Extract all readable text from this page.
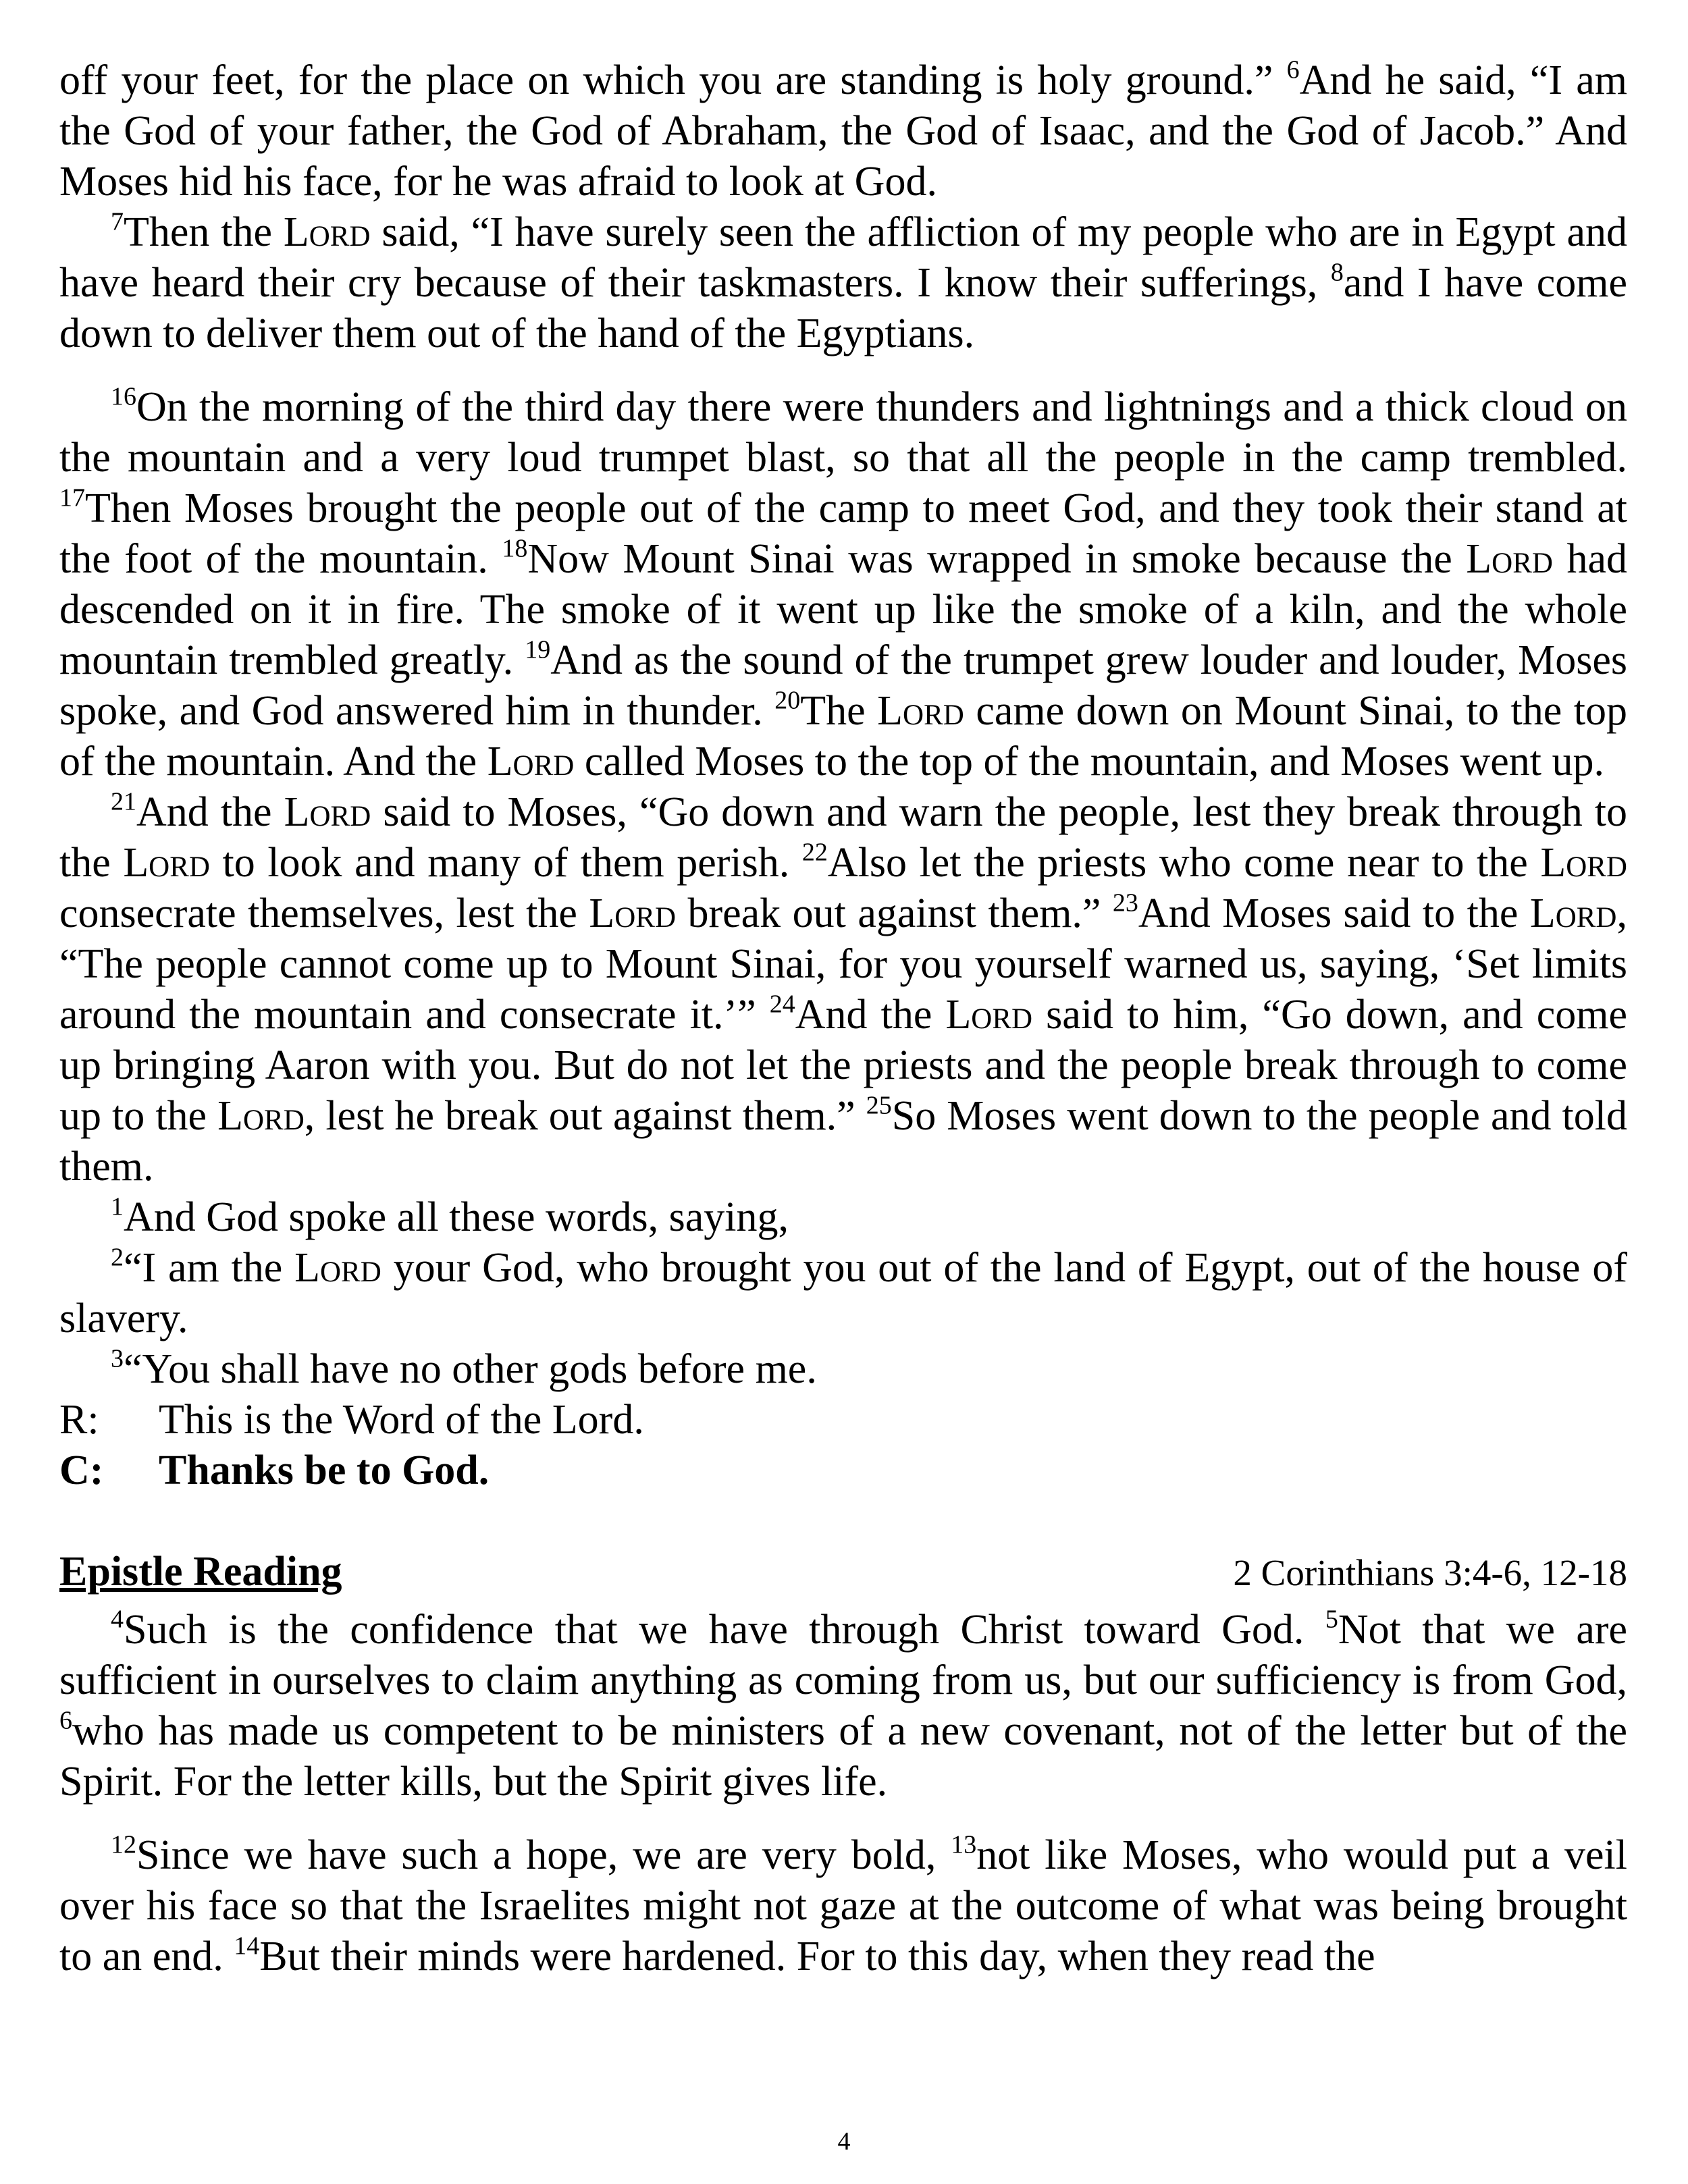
off your feet, for the place on which you are standing is holy ground.” $^6$And he said, “I am the God of your father, the God of Abraham, the God of Isaac, and the God of Jacob.” And Moses hid his face, for he was afraid to look at God.

$^7$Then the Lord said, “I have surely seen the affliction of my people who are in Egypt and have heard their cry because of their taskmasters. I know their sufferings, $^8$and I have come down to deliver them out of the hand of the Egyptians.

$^{16}$On the morning of the third day there were thunders and lightnings and a thick cloud on the mountain and a very loud trumpet blast, so that all the people in the camp trembled. $^{17}$Then Moses brought the people out of the camp to meet God, and they took their stand at the foot of the mountain. $^{18}$Now Mount Sinai was wrapped in smoke because the Lord had descended on it in fire. The smoke of it went up like the smoke of a kiln, and the whole mountain trembled greatly. $^{19}$And as the sound of the trumpet grew louder and louder, Moses spoke, and God answered him in thunder. $^{20}$The Lord came down on Mount Sinai, to the top of the mountain. And the Lord called Moses to the top of the mountain, and Moses went up.

$^{21}$And the Lord said to Moses, “Go down and warn the people, lest they break through to the Lord to look and many of them perish. $^{22}$Also let the priests who come near to the Lord consecrate themselves, lest the Lord break out against them.” $^{23}$And Moses said to the Lord, “The people cannot come up to Mount Sinai, for you yourself warned us, saying, ‘Set limits around the mountain and consecrate it.’” $^{24}$And the Lord said to him, “Go down, and come up bringing Aaron with you. But do not let the priests and the people break through to come up to the Lord, lest he break out against them.” $^{25}$So Moses went down to the people and told them.

$^1$And God spoke all these words, saying,

$^2$“I am the Lord your God, who brought you out of the land of Egypt, out of the house of slavery.

$^3$“You shall have no other gods before me.

R:	This is the Word of the Lord.
C:	Thanks be to God.
Epistle Reading	2 Corinthians 3:4-6, 12-18

$^4$Such is the confidence that we have through Christ toward God. $^5$Not that we are sufficient in ourselves to claim anything as coming from us, but our sufficiency is from God, $^6$who has made us competent to be ministers of a new covenant, not of the letter but of the Spirit. For the letter kills, but the Spirit gives life.

$^{12}$Since we have such a hope, we are very bold, $^{13}$not like Moses, who would put a veil over his face so that the Israelites might not gaze at the outcome of what was being brought to an end. $^{14}$But their minds were hardened. For to this day, when they read the

4
